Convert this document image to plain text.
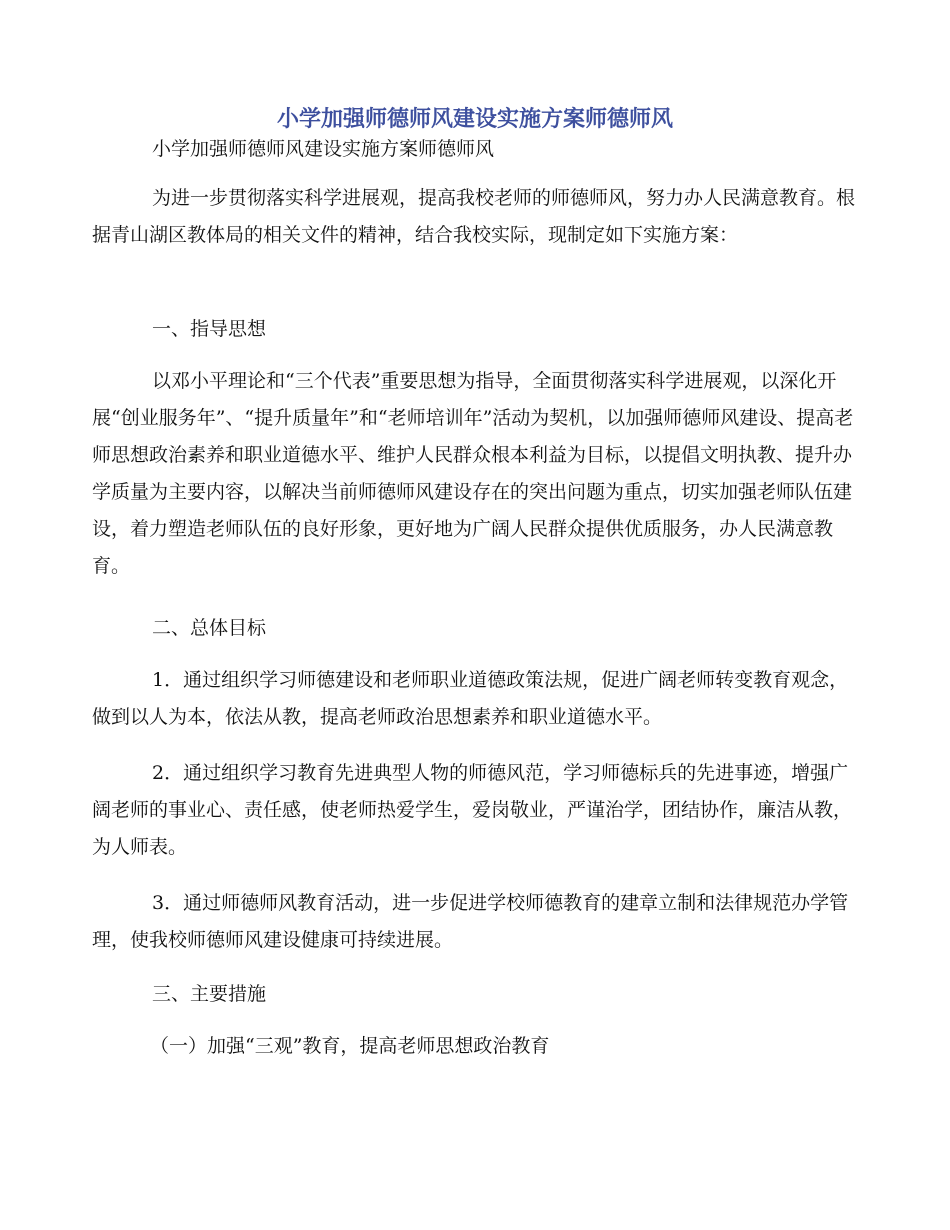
小学加强师德师风建设实施方案师德师风

小学加强师德师风建设实施方案师德师风

为进一步贯彻落实科学进展观，提高我校老师的师德师风，努力办人民满意教育。根据青山湖区教体局的相关文件的精神，结合我校实际，现制定如下实施方案：

一、指导思想

以邓小平理论和“三个代表”重要思想为指导，全面贯彻落实科学进展观，以深化开展“创业服务年”、“提升质量年”和“老师培训年”活动为契机，以加强师德师风建设、提高老师思想政治素养和职业道德水平、维护人民群众根本利益为目标，以提倡文明执教、提升办学质量为主要内容，以解决当前师德师风建设存在的突出问题为重点，切实加强老师队伍建设，着力塑造老师队伍的良好形象，更好地为广阔人民群众提供优质服务，办人民满意教育。

二、总体目标

1．通过组织学习师德建设和老师职业道德政策法规，促进广阔老师转变教育观念，做到以人为本，依法从教，提高老师政治思想素养和职业道德水平。

2．通过组织学习教育先进典型人物的师德风范，学习师德标兵的先进事迹，增强广阔老师的事业心、责任感，使老师热爱学生，爱岗敬业，严谨治学，团结协作，廉洁从教，为人师表。

3．通过师德师风教育活动，进一步促进学校师德教育的建章立制和法律规范办学管理，使我校师德师风建设健康可持续进展。

三、主要措施

（一）加强“三观”教育，提高老师思想政治教育
